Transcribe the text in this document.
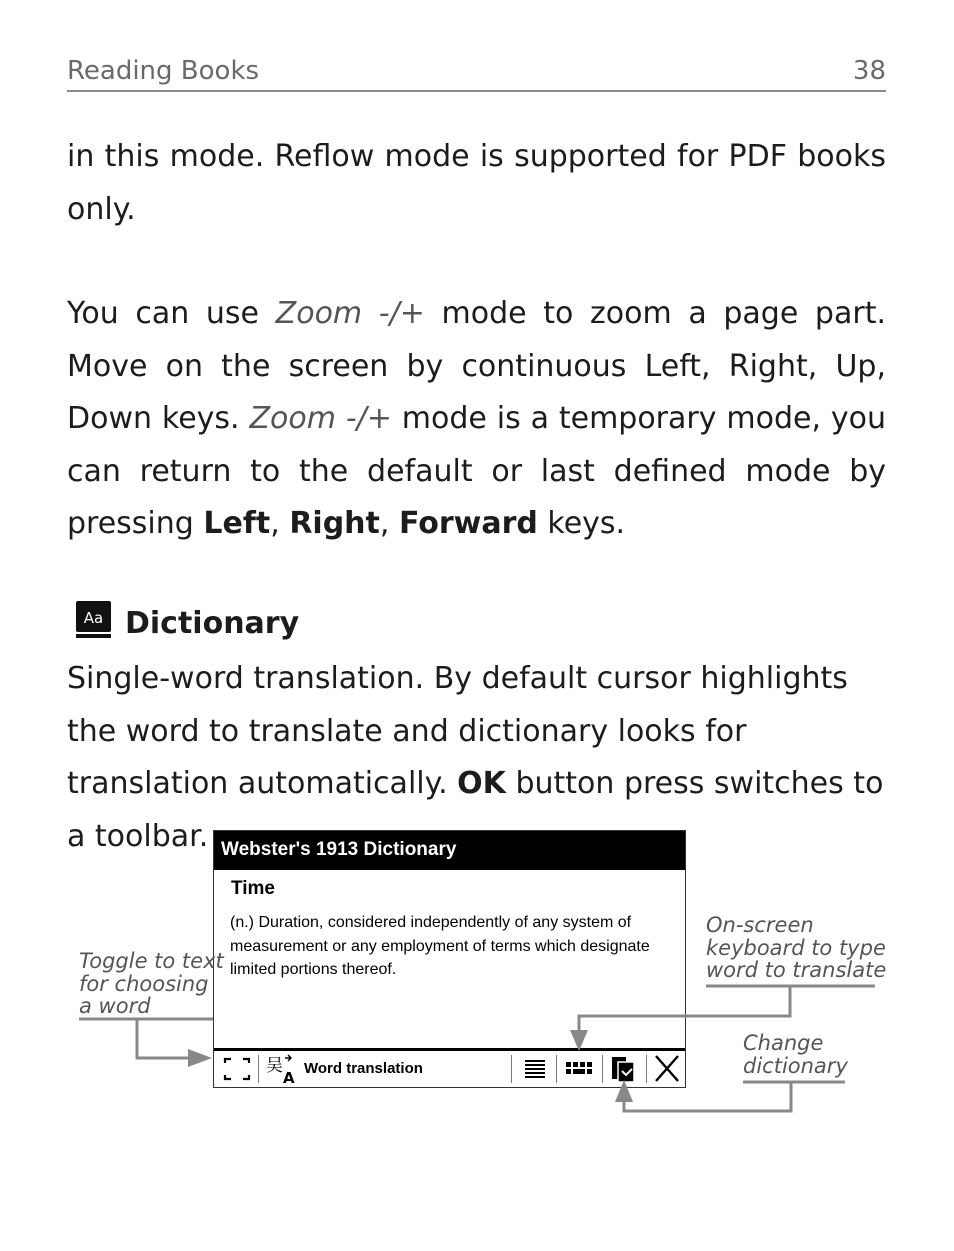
Reading Books	38
in this mode. Reflow mode is supported for PDF books only.
You can use Zoom -/+ mode to zoom a page part. Move on the screen by continuous Left, Right, Up, Down keys. Zoom -/+ mode is a temporary mode, you can return to the default or last defined mode by pressing Left, Right, Forward keys.
Aa Dictionary
Single-word translation. By default cursor highlights the word to translate and dictionary looks for translation automatically. OK button press switches to a toolbar. Webster's 1913 Dictionary
Time
(n.) Duration, considered independently of any system of measurement or any employment of terms which designate limited portions thereof.
吴
A
Word translation
Toggle to text
for choosing
a word
On-screen
keyboard to type
word to translate
Change
dictionary
